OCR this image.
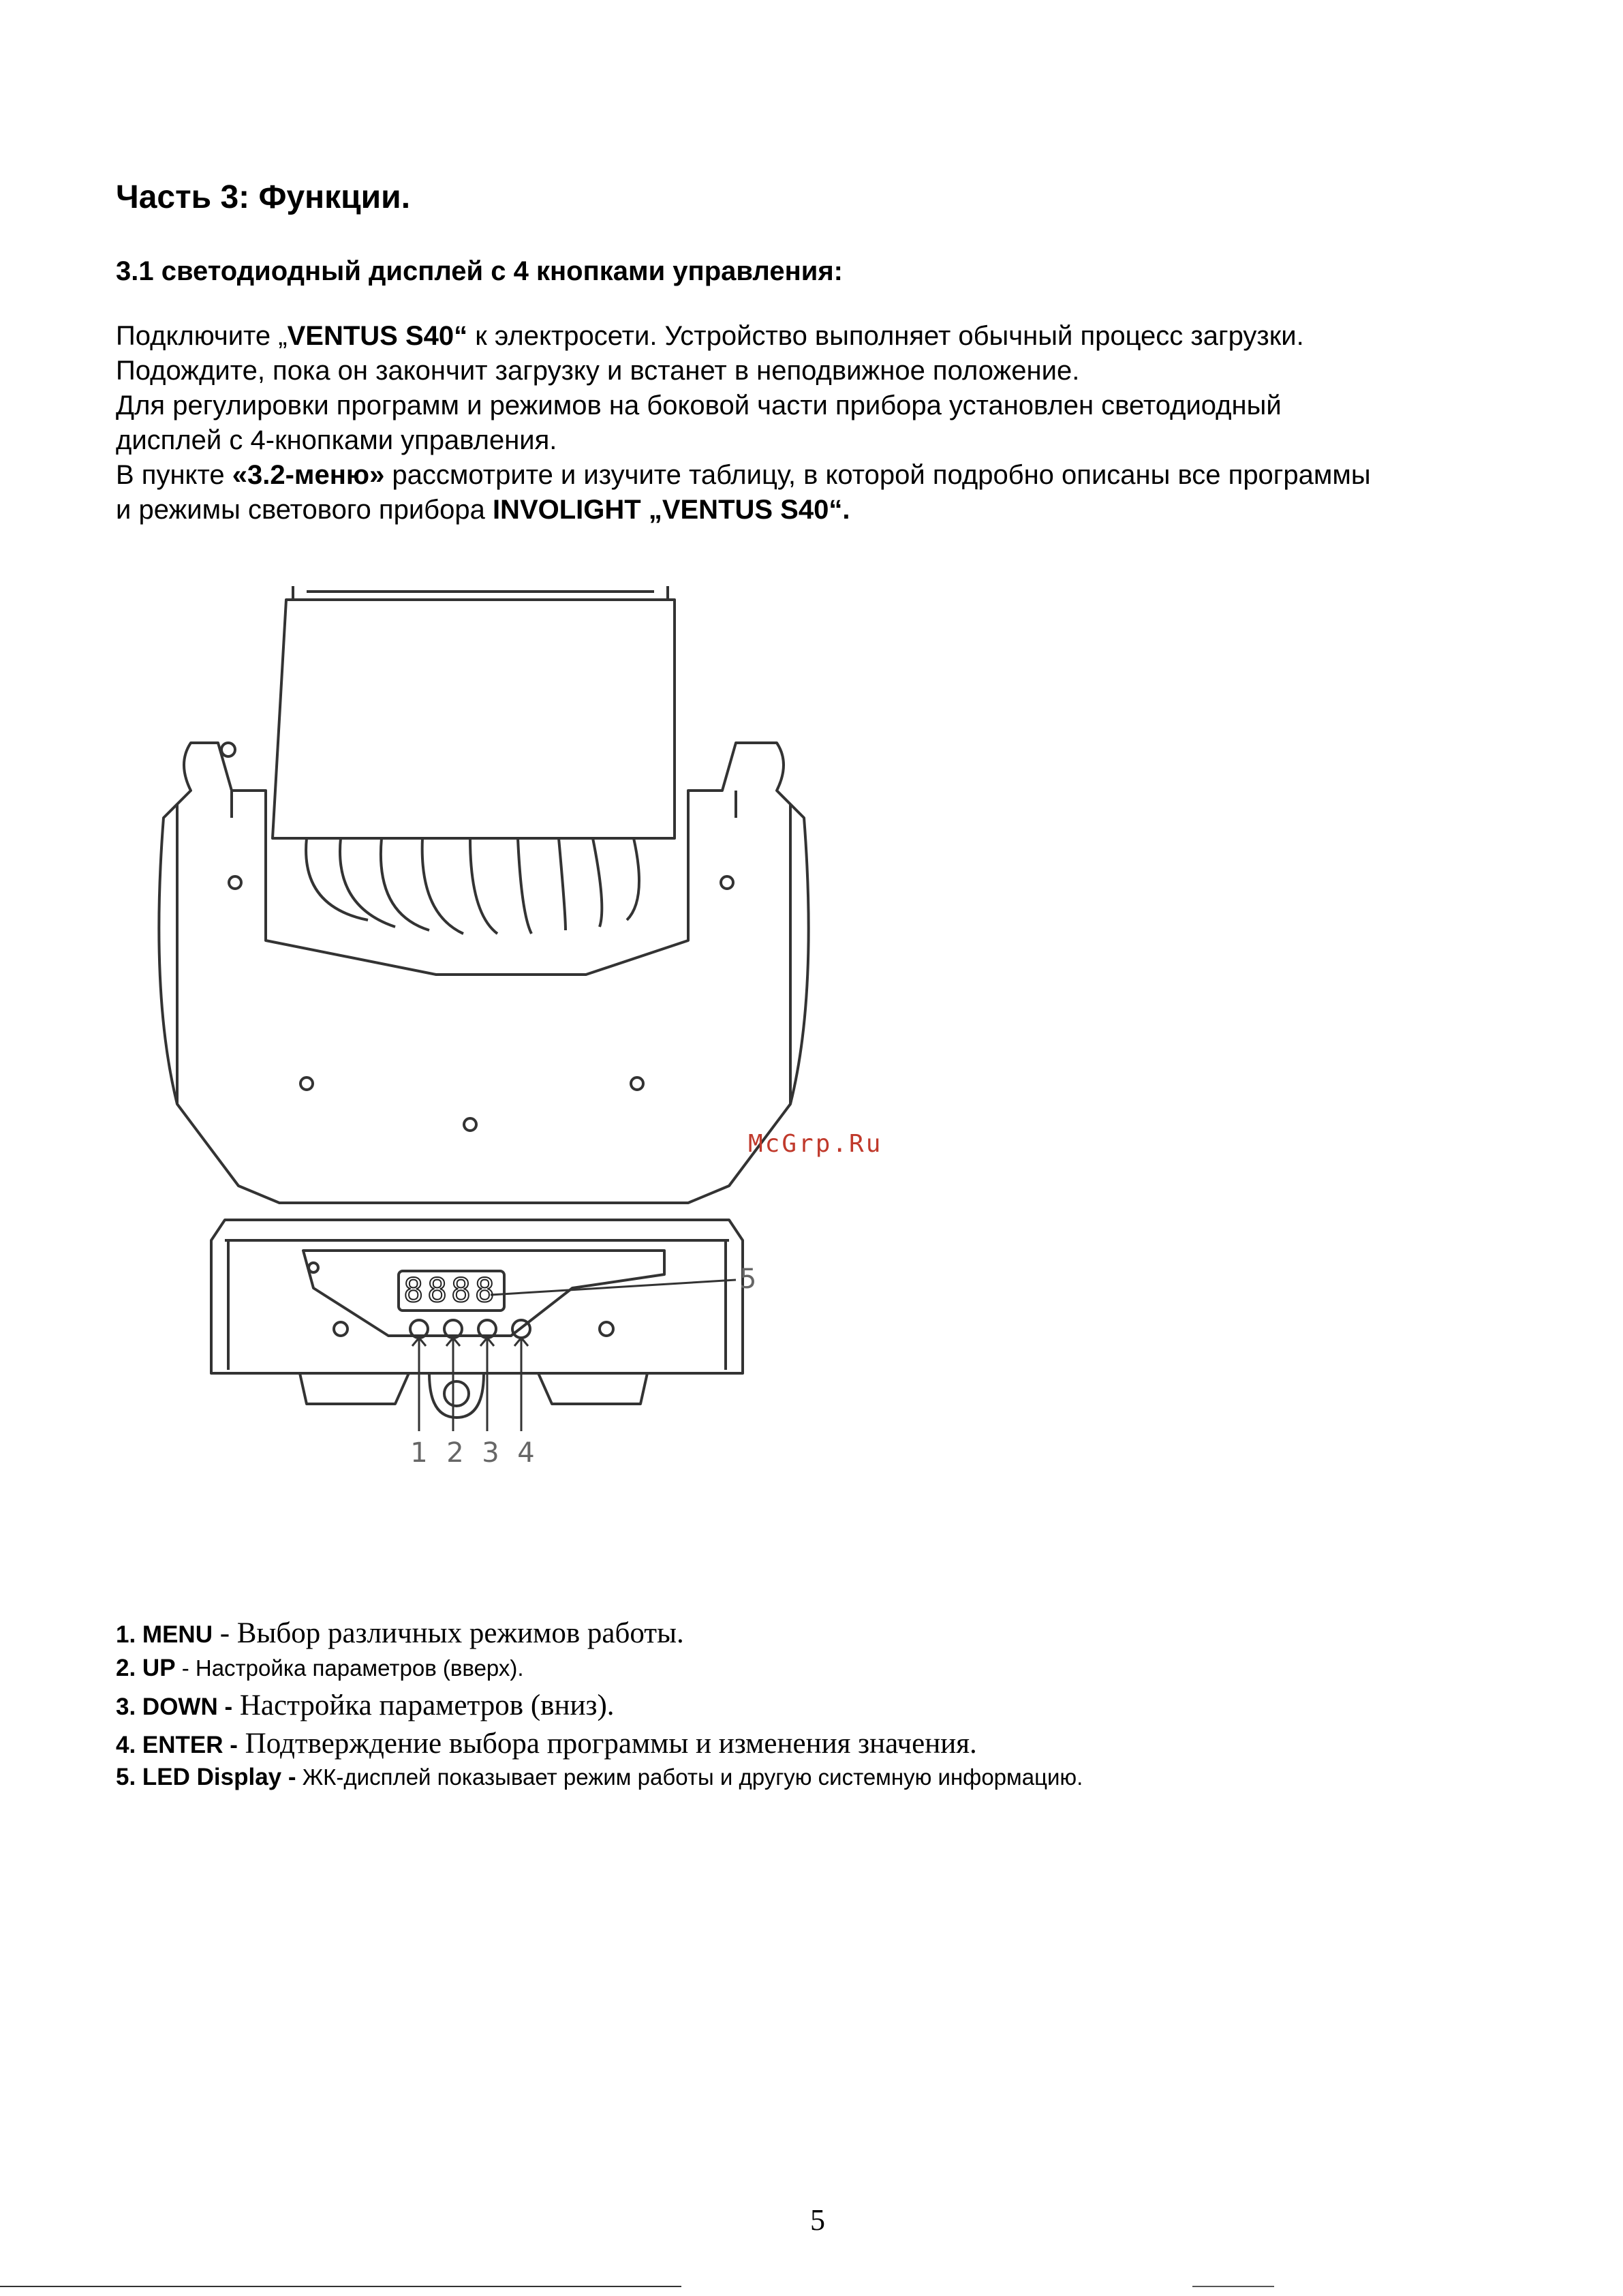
Часть 3: Функции.
3.1 светодиодный дисплей с 4 кнопками управления:

Подключите „VENTUS S40“ к электросети. Устройство выполняет обычный процесс загрузки.

Подождите, пока он закончит загрузку и встанет в неподвижное положение.

Для регулировки программ и режимов на боковой части прибора установлен светодиодный

дисплей с 4-кнопками управления.

В пункте «3.2-меню» рассмотрите и изучите таблицу, в которой подробно описаны все программы

и режимы светового прибора INVOLIGHT „VENTUS S40“.

8888	5
1 2 3 4
McGrp.Ru
1. MENU - Выбор различных режимов работы.
2. UP - Настройка параметров (вверх).
3. DOWN - Настройка параметров (вниз).
4. ENTER - Подтверждение выбора программы и изменения значения.
5. LED Display - ЖК-дисплей показывает режим работы и другую системную информацию.
5
